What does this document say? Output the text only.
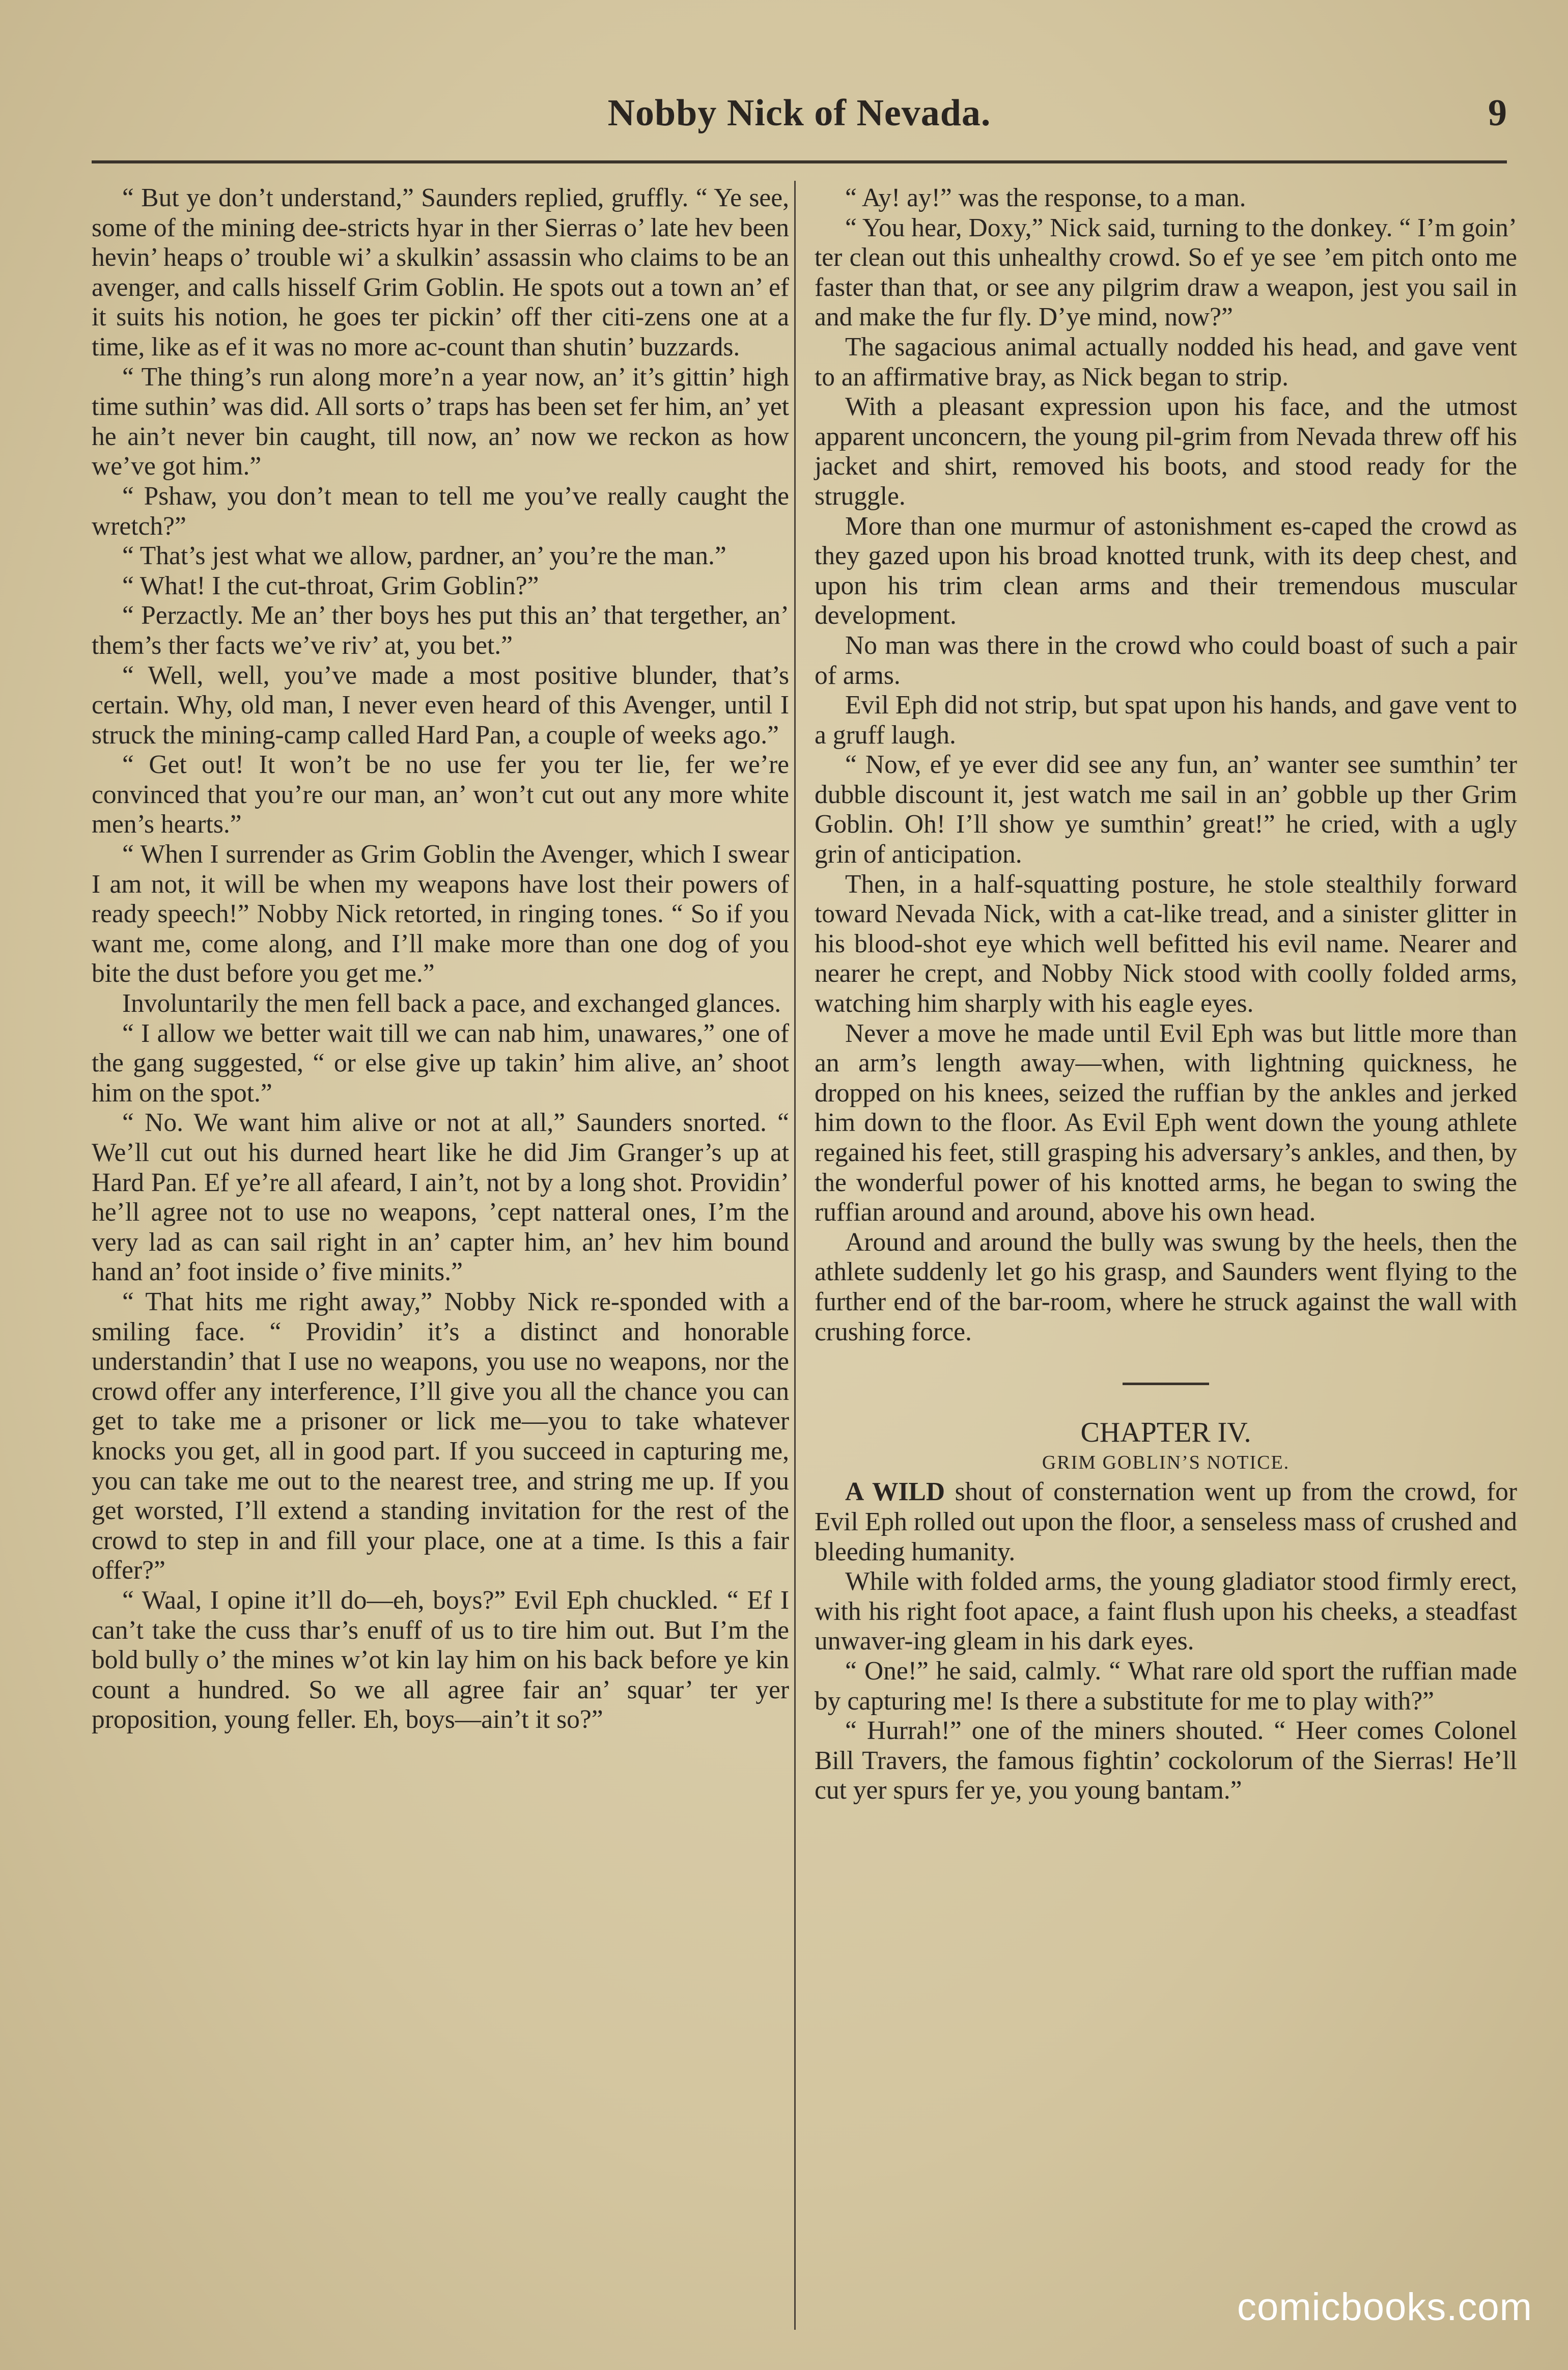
Nobby Nick of Nevada.	9

“ But ye don’t understand,” Saunders replied, gruffly. “ Ye see, some of the mining dee-stricts hyar in ther Sierras o’ late hev been hevin’ heaps o’ trouble wi’ a skulkin’ assassin who claims to be an avenger, and calls hisself Grim Goblin. He spots out a town an’ ef it suits his notion, he goes ter pickin’ off ther citi-zens one at a time, like as ef it was no more ac-count than shutin’ buzzards.

“ The thing’s run along more’n a year now, an’ it’s gittin’ high time suthin’ was did. All sorts o’ traps has been set fer him, an’ yet he ain’t never bin caught, till now, an’ now we reckon as how we’ve got him.”

“ Pshaw, you don’t mean to tell me you’ve really caught the wretch?”

“ That’s jest what we allow, pardner, an’ you’re the man.”

“ What! I the cut-throat, Grim Goblin?”

“ Perzactly. Me an’ ther boys hes put this an’ that tergether, an’ them’s ther facts we’ve riv’ at, you bet.”

“ Well, well, you’ve made a most positive blunder, that’s certain. Why, old man, I never even heard of this Avenger, until I struck the mining-camp called Hard Pan, a couple of weeks ago.”

“ Get out! It won’t be no use fer you ter lie, fer we’re convinced that you’re our man, an’ won’t cut out any more white men’s hearts.”

“ When I surrender as Grim Goblin the Avenger, which I swear I am not, it will be when my weapons have lost their powers of ready speech!” Nobby Nick retorted, in ringing tones. “ So if you want me, come along, and I’ll make more than one dog of you bite the dust before you get me.”

Involuntarily the men fell back a pace, and exchanged glances.

“ I allow we better wait till we can nab him, unawares,” one of the gang suggested, “ or else give up takin’ him alive, an’ shoot him on the spot.”

“ No. We want him alive or not at all,” Saunders snorted. “ We’ll cut out his durned heart like he did Jim Granger’s up at Hard Pan. Ef ye’re all afeard, I ain’t, not by a long shot. Providin’ he’ll agree not to use no weapons, ’cept natteral ones, I’m the very lad as can sail right in an’ capter him, an’ hev him bound hand an’ foot inside o’ five minits.”

“ That hits me right away,” Nobby Nick re-sponded with a smiling face. “ Providin’ it’s a distinct and honorable understandin’ that I use no weapons, you use no weapons, nor the crowd offer any interference, I’ll give you all the chance you can get to take me a prisoner or lick me—you to take whatever knocks you get, all in good part. If you succeed in capturing me, you can take me out to the nearest tree, and string me up. If you get worsted, I’ll extend a standing invitation for the rest of the crowd to step in and fill your place, one at a time. Is this a fair offer?”

“ Waal, I opine it’ll do—eh, boys?” Evil Eph chuckled. “ Ef I can’t take the cuss thar’s enuff of us to tire him out. But I’m the bold bully o’ the mines w’ot kin lay him on his back before ye kin count a hundred. So we all agree fair an’ squar’ ter yer proposition, young feller. Eh, boys—ain’t it so?”

“ Ay! ay!” was the response, to a man.

“ You hear, Doxy,” Nick said, turning to the donkey. “ I’m goin’ ter clean out this unhealthy crowd. So ef ye see ’em pitch onto me faster than that, or see any pilgrim draw a weapon, jest you sail in and make the fur fly. D’ye mind, now?”

The sagacious animal actually nodded his head, and gave vent to an affirmative bray, as Nick began to strip.

With a pleasant expression upon his face, and the utmost apparent unconcern, the young pil-grim from Nevada threw off his jacket and shirt, removed his boots, and stood ready for the struggle.

More than one murmur of astonishment es-caped the crowd as they gazed upon his broad knotted trunk, with its deep chest, and upon his trim clean arms and their tremendous muscular development.

No man was there in the crowd who could boast of such a pair of arms.

Evil Eph did not strip, but spat upon his hands, and gave vent to a gruff laugh.

“ Now, ef ye ever did see any fun, an’ wanter see sumthin’ ter dubble discount it, jest watch me sail in an’ gobble up ther Grim Goblin. Oh! I’ll show ye sumthin’ great!” he cried, with a ugly grin of anticipation.

Then, in a half-squatting posture, he stole stealthily forward toward Nevada Nick, with a cat-like tread, and a sinister glitter in his blood-shot eye which well befitted his evil name. Nearer and nearer he crept, and Nobby Nick stood with coolly folded arms, watching him sharply with his eagle eyes.

Never a move he made until Evil Eph was but little more than an arm’s length away—when, with lightning quickness, he dropped on his knees, seized the ruffian by the ankles and jerked him down to the floor. As Evil Eph went down the young athlete regained his feet, still grasping his adversary’s ankles, and then, by the wonderful power of his knotted arms, he began to swing the ruffian around and around, above his own head.

Around and around the bully was swung by the heels, then the athlete suddenly let go his grasp, and Saunders went flying to the further end of the bar-room, where he struck against the wall with crushing force.

CHAPTER IV.

GRIM GOBLIN’S NOTICE.

A WILD shout of consternation went up from the crowd, for Evil Eph rolled out upon the floor, a senseless mass of crushed and bleeding humanity.

While with folded arms, the young gladiator stood firmly erect, with his right foot apace, a faint flush upon his cheeks, a steadfast unwaver-ing gleam in his dark eyes.

“ One!” he said, calmly. “ What rare old sport the ruffian made by capturing me! Is there a substitute for me to play with?”

“ Hurrah!” one of the miners shouted. “ Heer comes Colonel Bill Travers, the famous fightin’ cockolorum of the Sierras! He’ll cut yer spurs fer ye, you young bantam.”

comicbooks.com
